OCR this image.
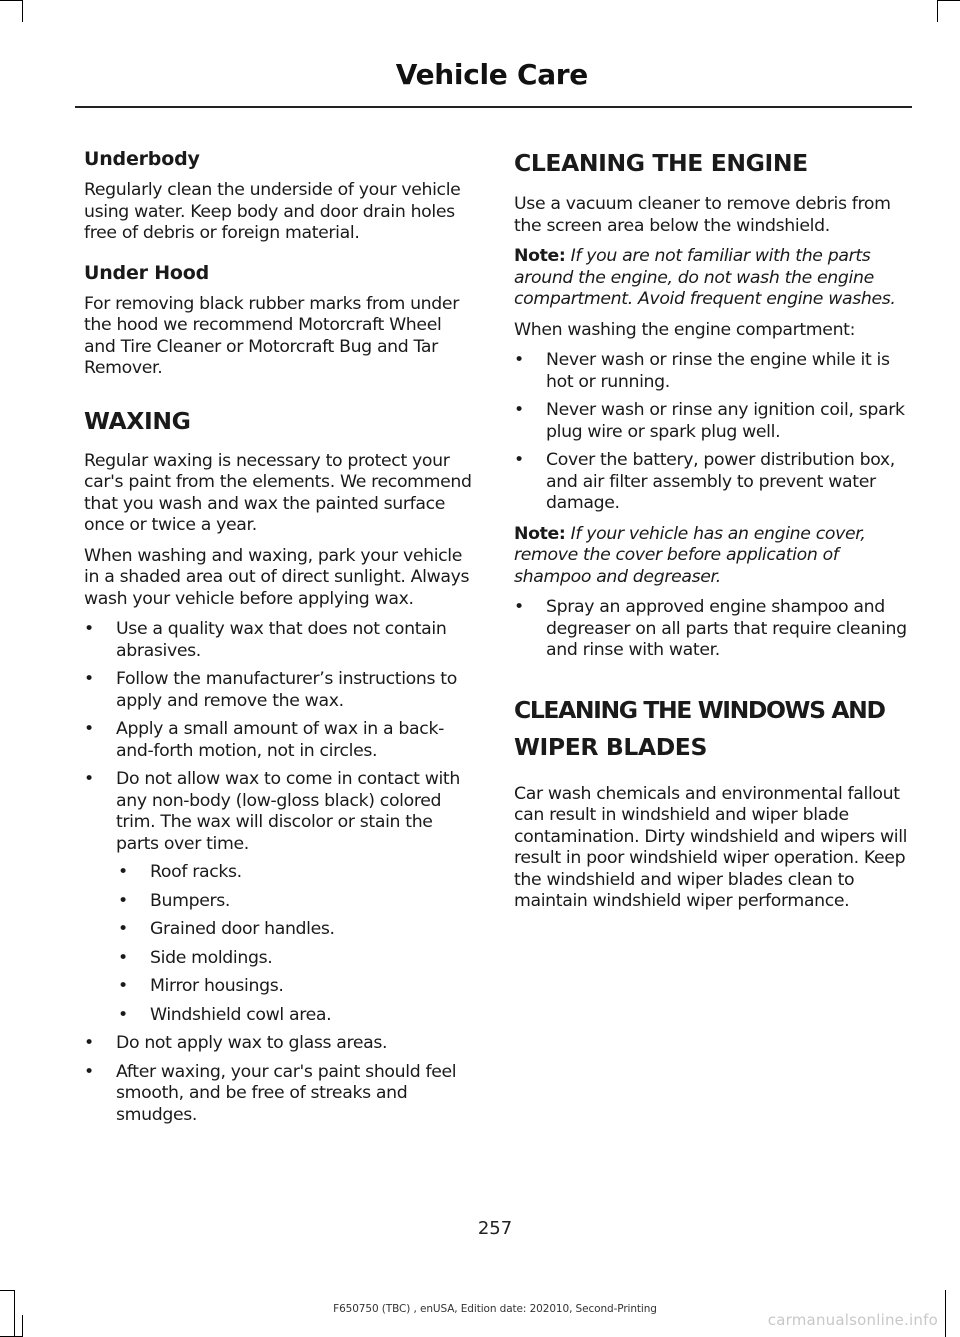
Vehicle Care
Underbody

Regularly clean the underside of your vehicle using water. Keep body and door drain holes free of debris or foreign material.

Under Hood

For removing black rubber marks from under the hood we recommend Motorcraft Wheel and Tire Cleaner or Motorcraft Bug and Tar Remover.

WAXING

Regular waxing is necessary to protect your car's paint from the elements. We recommend that you wash and wax the painted surface once or twice a year.

When washing and waxing, park your vehicle in a shaded area out of direct sunlight. Always wash your vehicle before applying wax.

• Use a quality wax that does not contain abrasives.
• Follow the manufacturer’s instructions to apply and remove the wax.
• Apply a small amount of wax in a back-and-forth motion, not in circles.
• Do not allow wax to come in contact with any non-body (low-gloss black) colored trim. The wax will discolor or stain the parts over time.
• Roof racks.
• Bumpers.
• Grained door handles.
• Side moldings.
• Mirror housings.
• Windshield cowl area.
• Do not apply wax to glass areas.
• After waxing, your car's paint should feel smooth, and be free of streaks and smudges.
CLEANING THE ENGINE

Use a vacuum cleaner to remove debris from the screen area below the windshield.

Note: If you are not familiar with the parts around the engine, do not wash the engine compartment. Avoid frequent engine washes.

When washing the engine compartment:

• Never wash or rinse the engine while it is hot or running.
• Never wash or rinse any ignition coil, spark plug wire or spark plug well.
• Cover the battery, power distribution box, and air filter assembly to prevent water damage.

Note: If your vehicle has an engine cover, remove the cover before application of shampoo and degreaser.

• Spray an approved engine shampoo and degreaser on all parts that require cleaning and rinse with water.
CLEANING THE WINDOWS AND
WIPER BLADES

Car wash chemicals and environmental fallout can result in windshield and wiper blade contamination. Dirty windshield and wipers will result in poor windshield wiper operation. Keep the windshield and wiper blades clean to maintain windshield wiper performance.

257
F650750 (TBC) , enUSA, Edition date: 202010, Second-Printing
carmanualsonline.info
